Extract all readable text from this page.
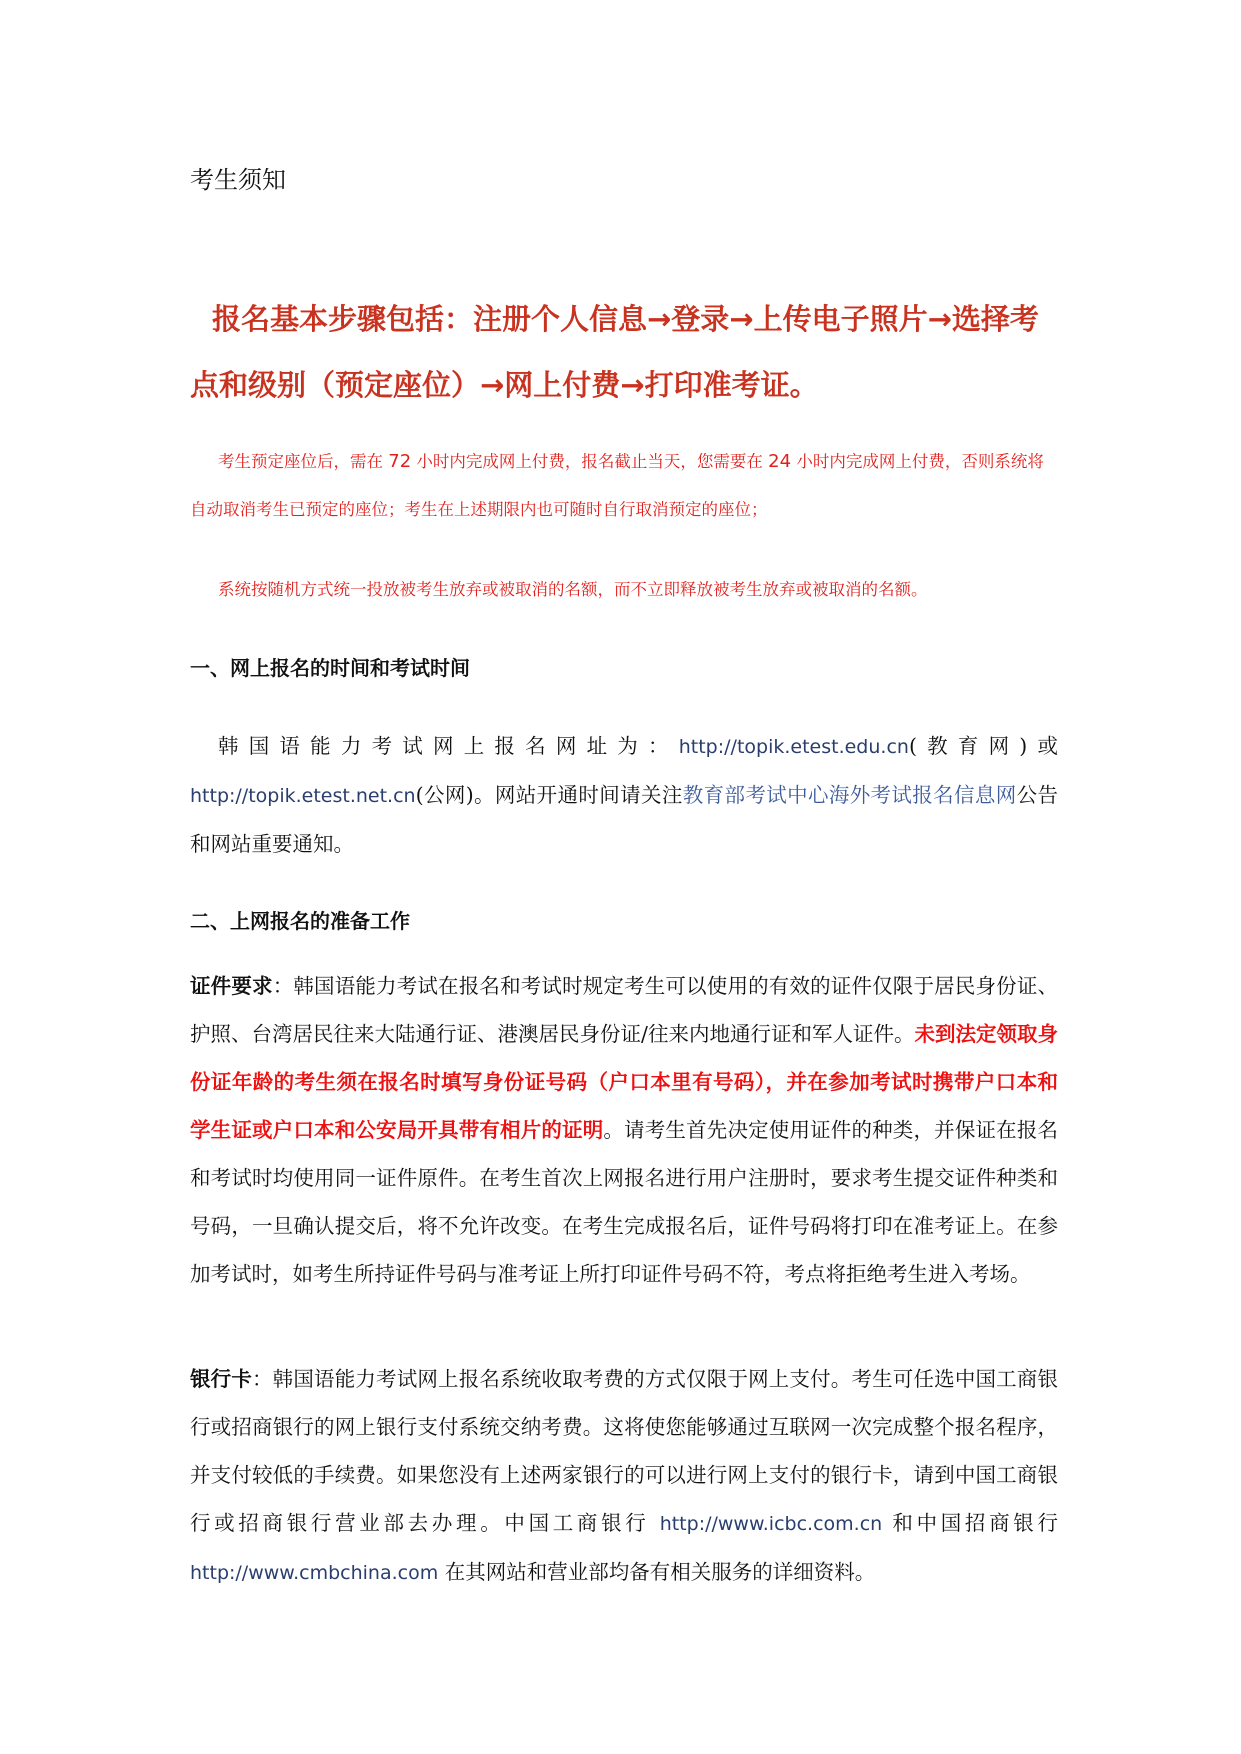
考生须知
报名基本步骤包括：注册个人信息→登录→上传电子照片→选择考点和级别（预定座位）→网上付费→打印准考证。
考生预定座位后，需在 72 小时内完成网上付费，报名截止当天，您需要在 24 小时内完成网上付费，否则系统将自动取消考生已预定的座位；考生在上述期限内也可随时自行取消预定的座位；
系统按随机方式统一投放被考生放弃或被取消的名额，而不立即释放被考生放弃或被取消的名额。
一、网上报名的时间和考试时间
韩国语能力考试网上报名网址为：http://topik.etest.edu.cn(教育网)或http://topik.etest.net.cn(公网)。网站开通时间请关注教育部考试中心海外考试报名信息网公告和网站重要通知。
二、上网报名的准备工作
证件要求：韩国语能力考试在报名和考试时规定考生可以使用的有效的证件仅限于居民身份证、护照、台湾居民往来大陆通行证、港澳居民身份证/往来内地通行证和军人证件。未到法定领取身份证年龄的考生须在报名时填写身份证号码（户口本里有号码），并在参加考试时携带户口本和学生证或户口本和公安局开具带有相片的证明。请考生首先决定使用证件的种类，并保证在报名和考试时均使用同一证件原件。在考生首次上网报名进行用户注册时，要求考生提交证件种类和号码，一旦确认提交后，将不允许改变。在考生完成报名后，证件号码将打印在准考证上。在参加考试时，如考生所持证件号码与准考证上所打印证件号码不符，考点将拒绝考生进入考场。
银行卡：韩国语能力考试网上报名系统收取考费的方式仅限于网上支付。考生可任选中国工商银行或招商银行的网上银行支付系统交纳考费。这将使您能够通过互联网一次完成整个报名程序，并支付较低的手续费。如果您没有上述两家银行的可以进行网上支付的银行卡，请到中国工商银行或招商银行营业部去办理。中国工商银行 http://www.icbc.com.cn 和中国招商银行 http://www.cmbchina.com 在其网站和营业部均备有相关服务的详细资料。
